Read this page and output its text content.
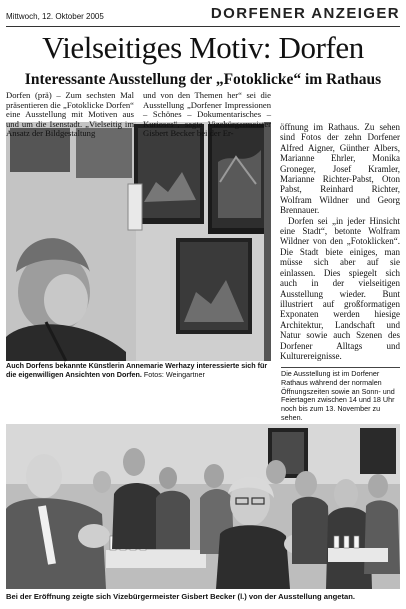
Mittwoch, 12. Oktober 2005	DORFENER ANZEIGER
Vielseitiges Motiv: Dorfen
Interessante Ausstellung der „Fotoklicke“ im Rathaus
Auch Dorfens bekannte Künstlerin Annemarie Werhazy interessierte sich für die eigenwilligen Ansichten von Dorfen. Fotos: Weingartner

öffnung im Rathaus. Zu sehen sind Fotos der zehn Dorfener Alfred Aigner, Günther Albers, Marianne Ehrler, Monika Groneger, Josef Kramler, Marianne Richter-Pabst, Oton Pabst, Reinhard Richter, Wolfram Wildner und Georg Brennauer.

Dorfen sei „in jeder Hinsicht eine Stadt“, betonte Wolfram Wildner von den „Fotoklicken“. Die Stadt biete einiges, man müsse sich aber auf sie einlassen. Dies spiegelt sich auch in der vielseitigen Ausstellung wieder. Bunt illustriert auf großformatigen Exponaten werden hiesige Architektur, Landschaft und Natur sowie auch Szenen des Dorfener Alltags und Kulturereignisse.

Die Ausstellung ist im Dorfener Rathaus während der normalen Öffnungszeiten sowie an Sonn- und Feiertagen zwischen 14 und 18 Uhr noch bis zum 13. November zu sehen.
Bei der Eröffnung zeigte sich Vizebürgermeister Gisbert Becker (l.) von der Ausstellung angetan.
Dorfen (prä) – Zum sechsten Mal präsentieren die „Fotoklicke Dorfen“ eine Ausstellung mit Motiven aus und um die Isenstadt. „Vielseitig im Ansatz der Bildgestaltung
und von den Themen her“ sei die Ausstellung „Dorfener Impressionen – Schönes – Dokumentarisches – Kurioses“, sagte Vizebürgermeister Gisbert Becker bei der Er-
